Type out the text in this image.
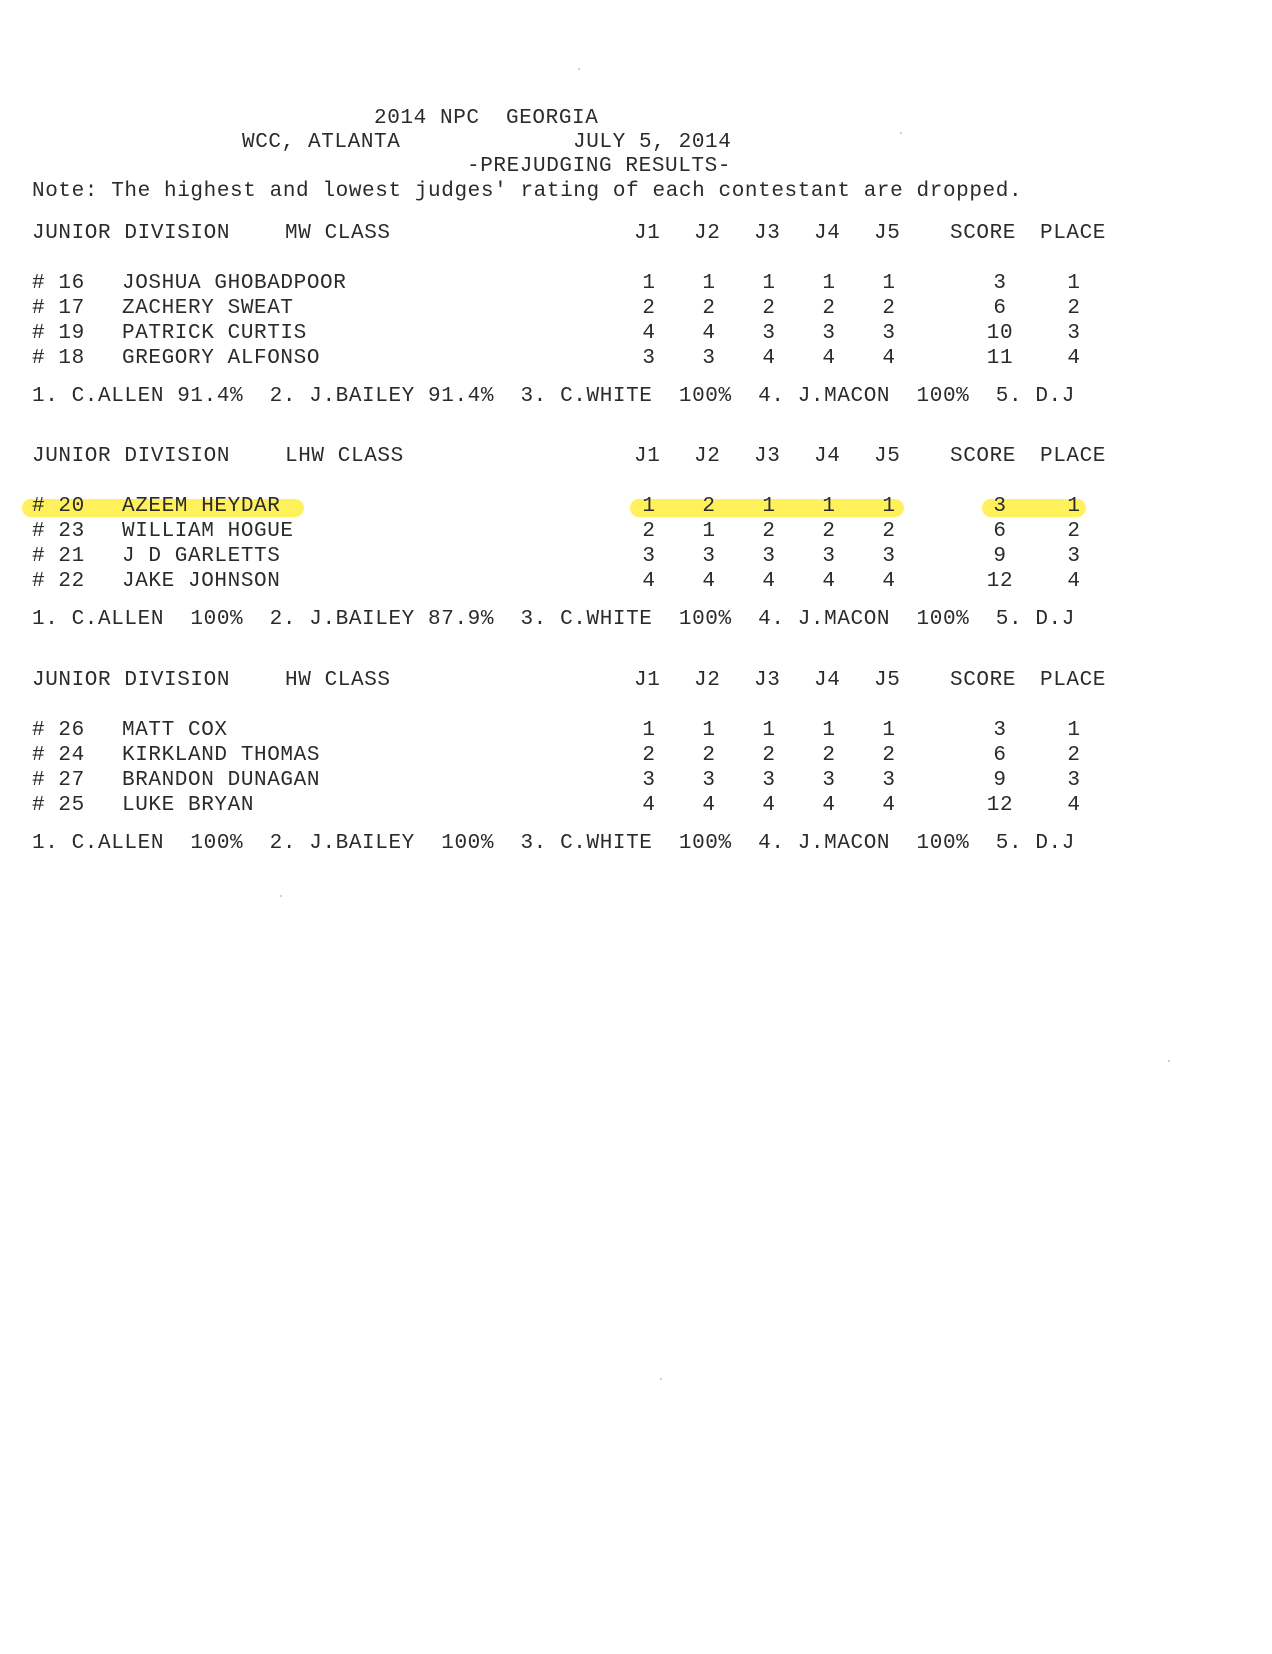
2014 NPC  GEORGIA
WCC, ATLANTA	JULY 5, 2014
-PREJUDGING RESULTS-
Note: The highest and lowest judges' rating of each contestant are dropped.
JUNIOR DIVISION	MW CLASS	J1 J2 J3 J4 J5 SCORE PLACE
# 16 JOSHUA GHOBADPOOR	1 1 1 1 1	3	1
# 17 ZACHERY SWEAT	2 2 2 2 2	6	2
# 19 PATRICK CURTIS	4 4 3 3 3	10	3
# 18 GREGORY ALFONSO	3 3 4 4 4	11	4
1. C.ALLEN 91.4%  2. J.BAILEY 91.4%  3. C.WHITE  100%  4. J.MACON  100%  5. D.J
JUNIOR DIVISION	LHW CLASS	J1 J2 J3 J4 J5 SCORE PLACE
# 20 AZEEM HEYDAR	1 2 1 1 1	3	1
# 23 WILLIAM HOGUE	2 1 2 2 2	6	2
# 21 J D GARLETTS	3 3 3 3 3	9	3
# 22 JAKE JOHNSON	4 4 4 4 4	12	4
1. C.ALLEN  100%  2. J.BAILEY 87.9%  3. C.WHITE  100%  4. J.MACON  100%  5. D.J
JUNIOR DIVISION	HW CLASS	J1 J2 J3 J4 J5 SCORE PLACE
# 26 MATT COX	1 1 1 1 1	3	1
# 24 KIRKLAND THOMAS	2 2 2 2 2	6	2
# 27 BRANDON DUNAGAN	3 3 3 3 3	9	3
# 25 LUKE BRYAN	4 4 4 4 4	12	4
1. C.ALLEN  100%  2. J.BAILEY  100%  3. C.WHITE  100%  4. J.MACON  100%  5. D.J
